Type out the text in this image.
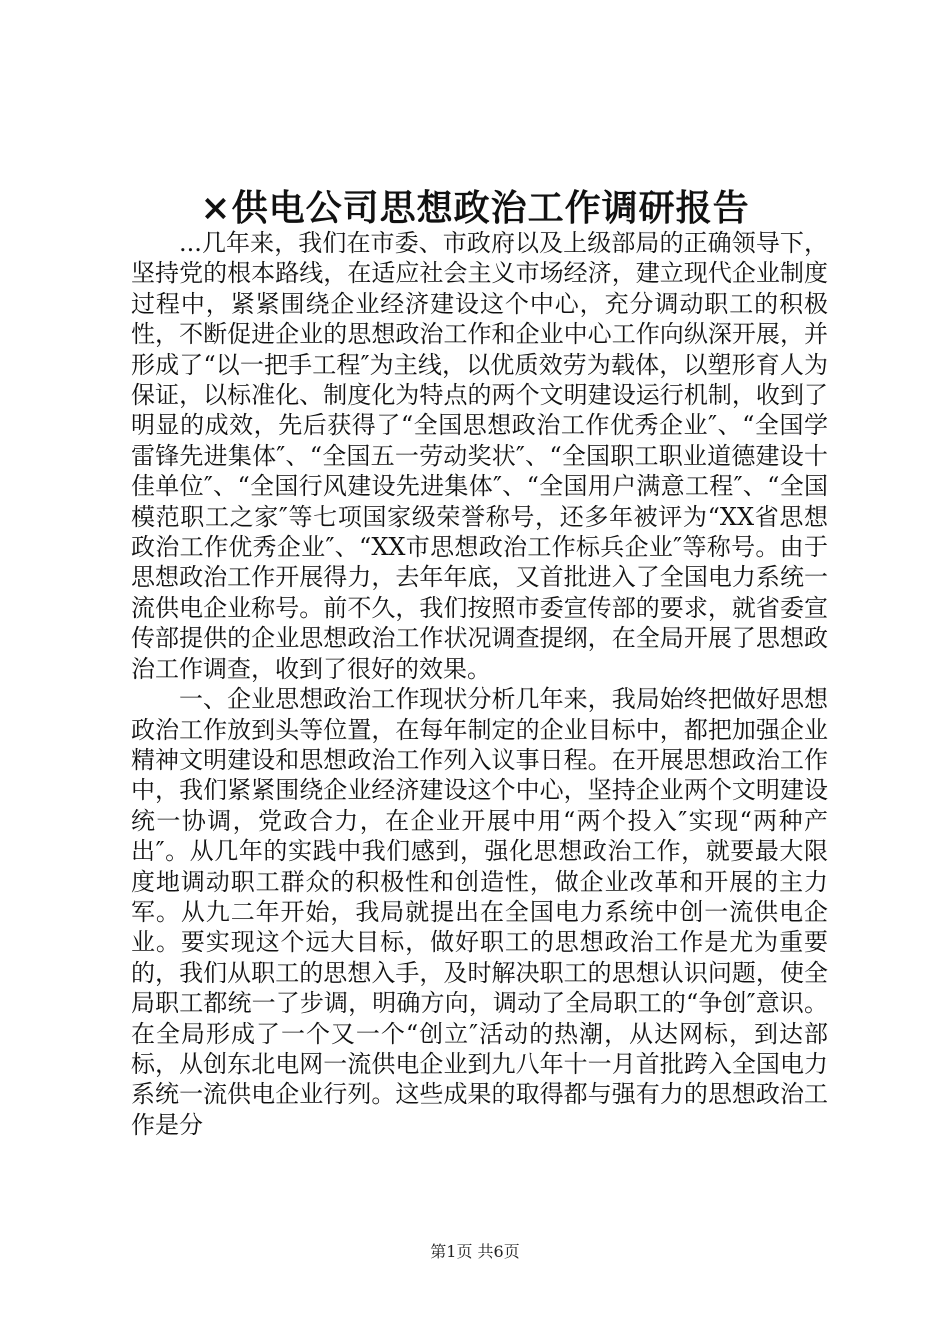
×供电公司思想政治工作调研报告

...几年来，我们在市委、市政府以及上级部局的正确领导下，坚持党的根本路线，在适应社会主义市场经济，建立现代企业制度过程中，紧紧围绕企业经济建设这个中心，充分调动职工的积极性，不断促进企业的思想政治工作和企业中心工作向纵深开展，并形成了“以一把手工程″为主线，以优质效劳为载体，以塑形育人为保证，以标准化、制度化为特点的两个文明建设运行机制，收到了明显的成效，先后获得了“全国思想政治工作优秀企业″、“全国学雷锋先进集体″、“全国五一劳动奖状″、“全国职工职业道德建设十佳单位″、“全国行风建设先进集体″、“全国用户满意工程″、“全国模范职工之家″等七项国家级荣誉称号，还多年被评为“XX省思想政治工作优秀企业″、“XX市思想政治工作标兵企业″等称号。由于思想政治工作开展得力，去年年底，又首批进入了全国电力系统一流供电企业称号。前不久，我们按照市委宣传部的要求，就省委宣传部提供的企业思想政治工作状况调查提纲，在全局开展了思想政治工作调查，收到了很好的效果。

一、企业思想政治工作现状分析几年来，我局始终把做好思想政治工作放到头等位置，在每年制定的企业目标中，都把加强企业精神文明建设和思想政治工作列入议事日程。在开展思想政治工作中，我们紧紧围绕企业经济建设这个中心，坚持企业两个文明建设统一协调，党政合力，在企业开展中用“两个投入″实现“两种产出″。从几年的实践中我们感到，强化思想政治工作，就要最大限度地调动职工群众的积极性和创造性，做企业改革和开展的主力军。从九二年开始，我局就提出在全国电力系统中创一流供电企业。要实现这个远大目标，做好职工的思想政治工作是尤为重要的，我们从职工的思想入手，及时解决职工的思想认识问题，使全局职工都统一了步调，明确方向，调动了全局职工的“争创″意识。在全局形成了一个又一个“创立″活动的热潮，从达网标，到达部标，从创东北电网一流供电企业到九八年十一月首批跨入全国电力系统一流供电企业行列。这些成果的取得都与强有力的思想政治工作是分

第1页 共6页
